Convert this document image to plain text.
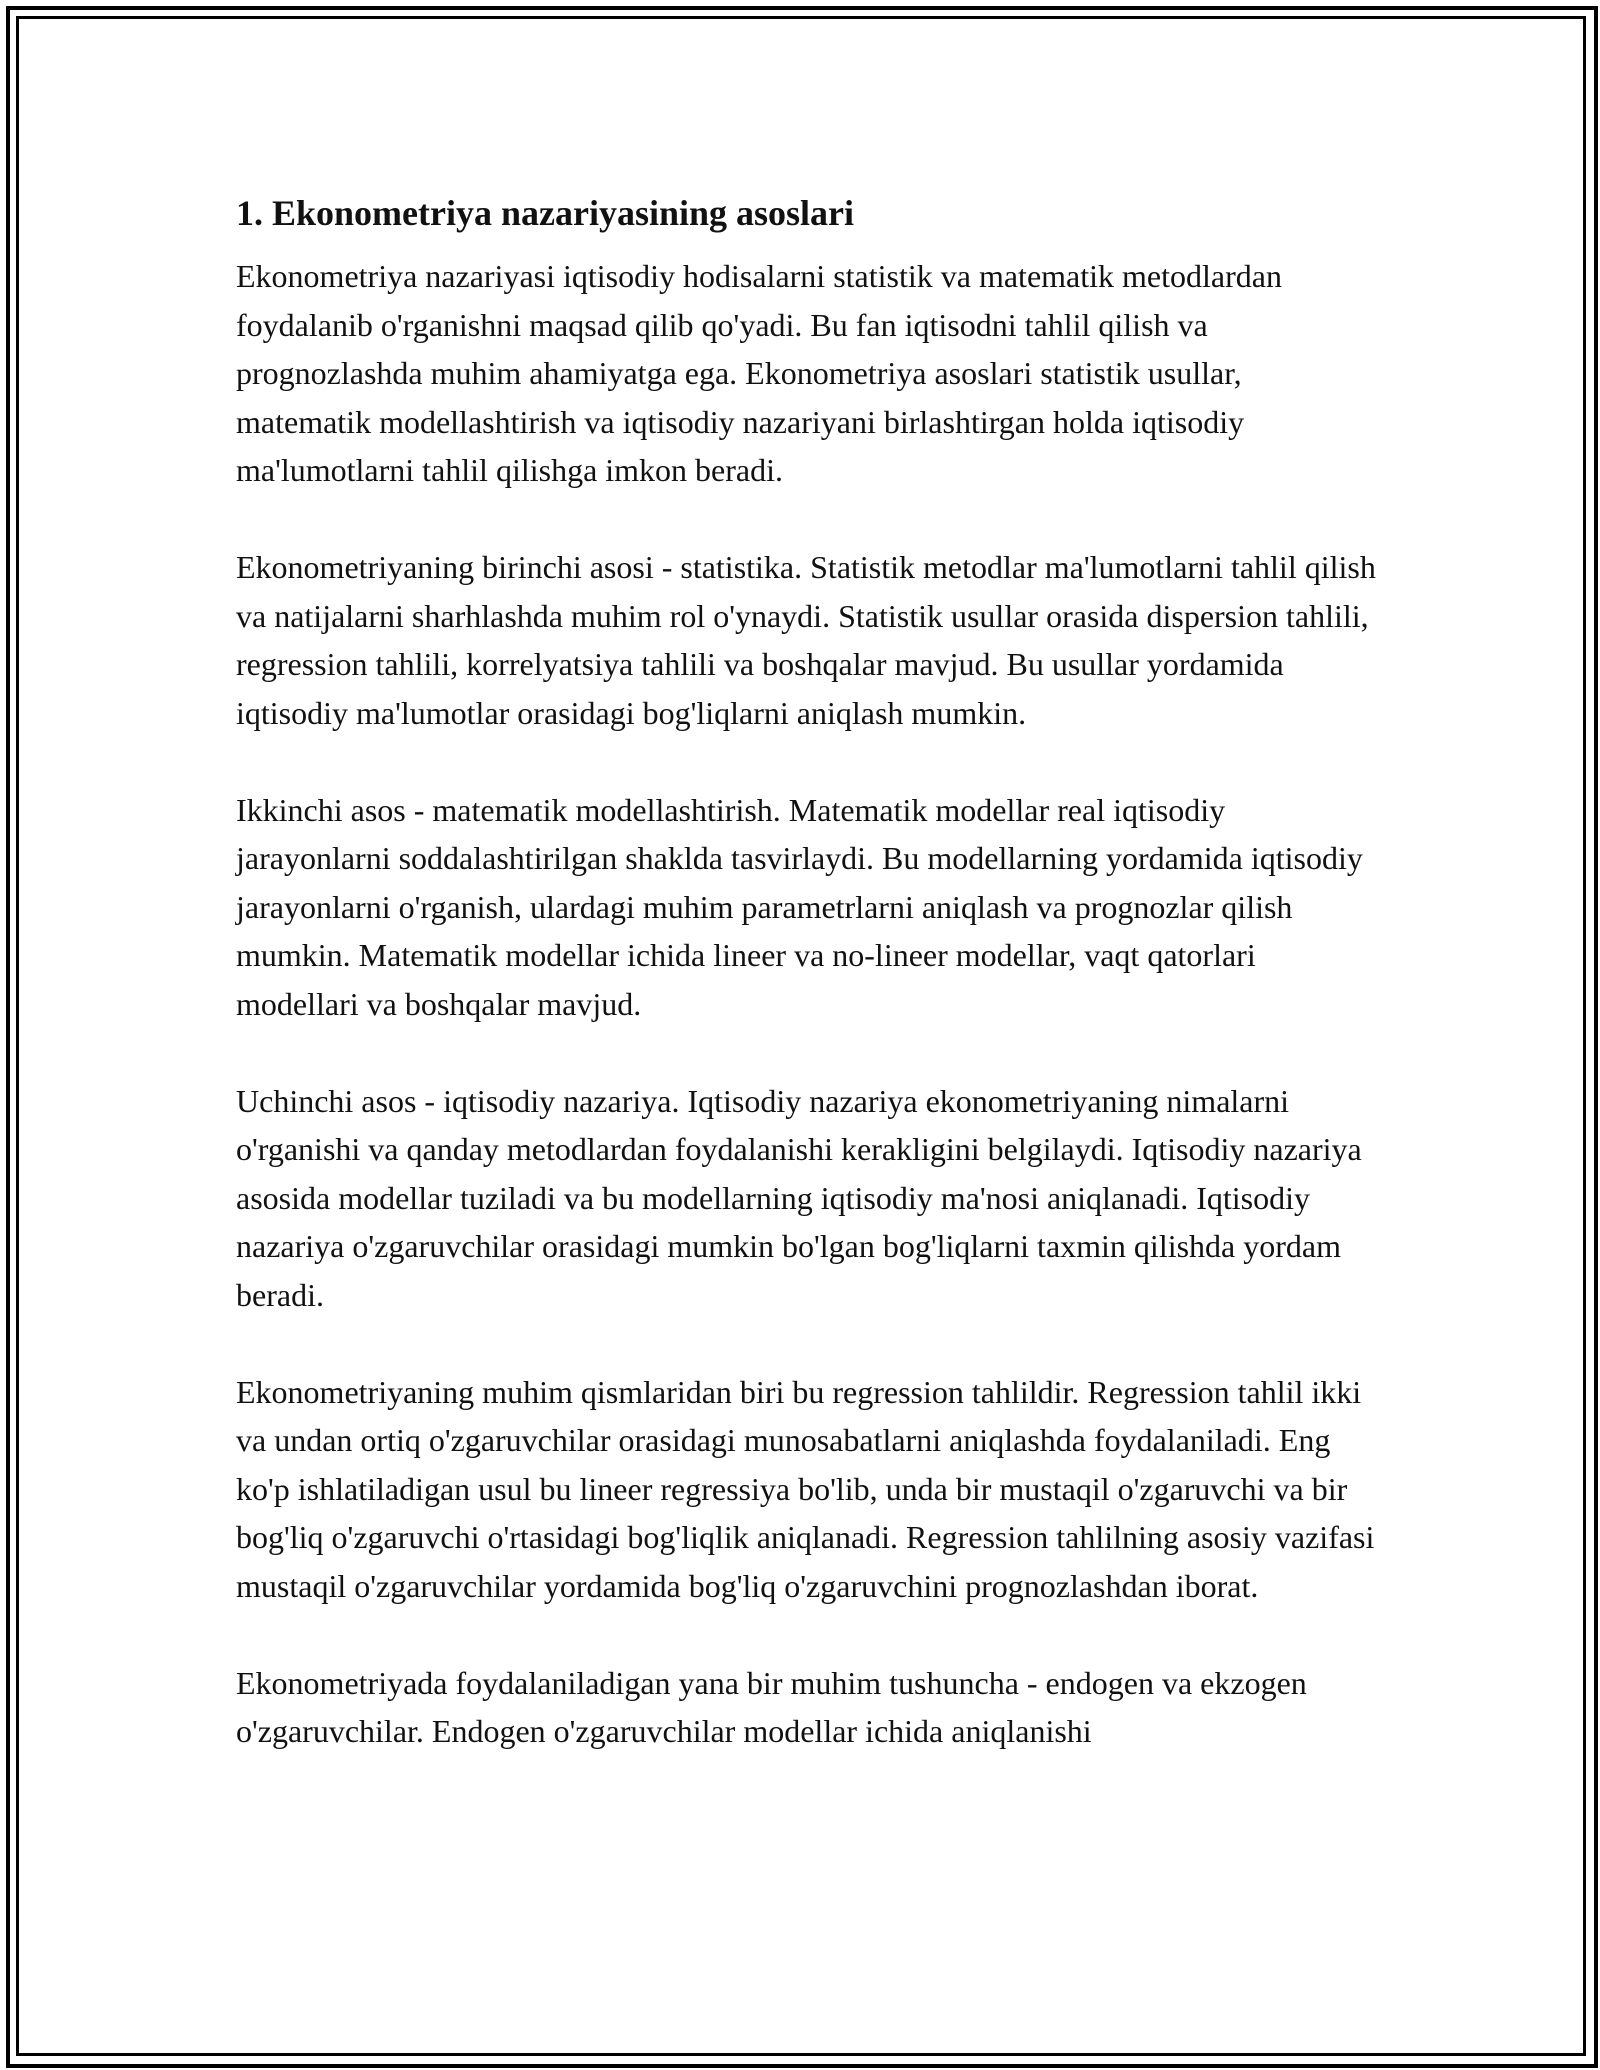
1. Ekonometriya nazariyasining asoslari

Ekonometriya nazariyasi iqtisodiy hodisalarni statistik va matematik metodlardan foydalanib o'rganishni maqsad qilib qo'yadi. Bu fan iqtisodni tahlil qilish va prognozlashda muhim ahamiyatga ega. Ekonometriya asoslari statistik usullar, matematik modellashtirish va iqtisodiy nazariyani birlashtirgan holda iqtisodiy ma'lumotlarni tahlil qilishga imkon beradi.

Ekonometriyaning birinchi asosi - statistika. Statistik metodlar ma'lumotlarni tahlil qilish va natijalarni sharhlashda muhim rol o'ynaydi. Statistik usullar orasida dispersion tahlili, regression tahlili, korrelyatsiya tahlili va boshqalar mavjud. Bu usullar yordamida iqtisodiy ma'lumotlar orasidagi bog'liqlarni aniqlash mumkin.

Ikkinchi asos - matematik modellashtirish. Matematik modellar real iqtisodiy jarayonlarni soddalashtirilgan shaklda tasvirlaydi. Bu modellarning yordamida iqtisodiy jarayonlarni o'rganish, ulardagi muhim parametrlarni aniqlash va prognozlar qilish mumkin. Matematik modellar ichida lineer va no-lineer modellar, vaqt qatorlari modellari va boshqalar mavjud.

Uchinchi asos - iqtisodiy nazariya. Iqtisodiy nazariya ekonometriyaning nimalarni o'rganishi va qanday metodlardan foydalanishi kerakligini belgilaydi. Iqtisodiy nazariya asosida modellar tuziladi va bu modellarning iqtisodiy ma'nosi aniqlanadi. Iqtisodiy nazariya o'zgaruvchilar orasidagi mumkin bo'lgan bog'liqlarni taxmin qilishda yordam beradi.

Ekonometriyaning muhim qismlaridan biri bu regression tahlildir. Regression tahlil ikki va undan ortiq o'zgaruvchilar orasidagi munosabatlarni aniqlashda foydalaniladi. Eng ko'p ishlatiladigan usul bu lineer regressiya bo'lib, unda bir mustaqil o'zgaruvchi va bir bog'liq o'zgaruvchi o'rtasidagi bog'liqlik aniqlanadi. Regression tahlilning asosiy vazifasi mustaqil o'zgaruvchilar yordamida bog'liq o'zgaruvchini prognozlashdan iborat.

Ekonometriyada foydalaniladigan yana bir muhim tushuncha - endogen va ekzogen o'zgaruvchilar. Endogen o'zgaruvchilar modellar ichida aniqlanishi
